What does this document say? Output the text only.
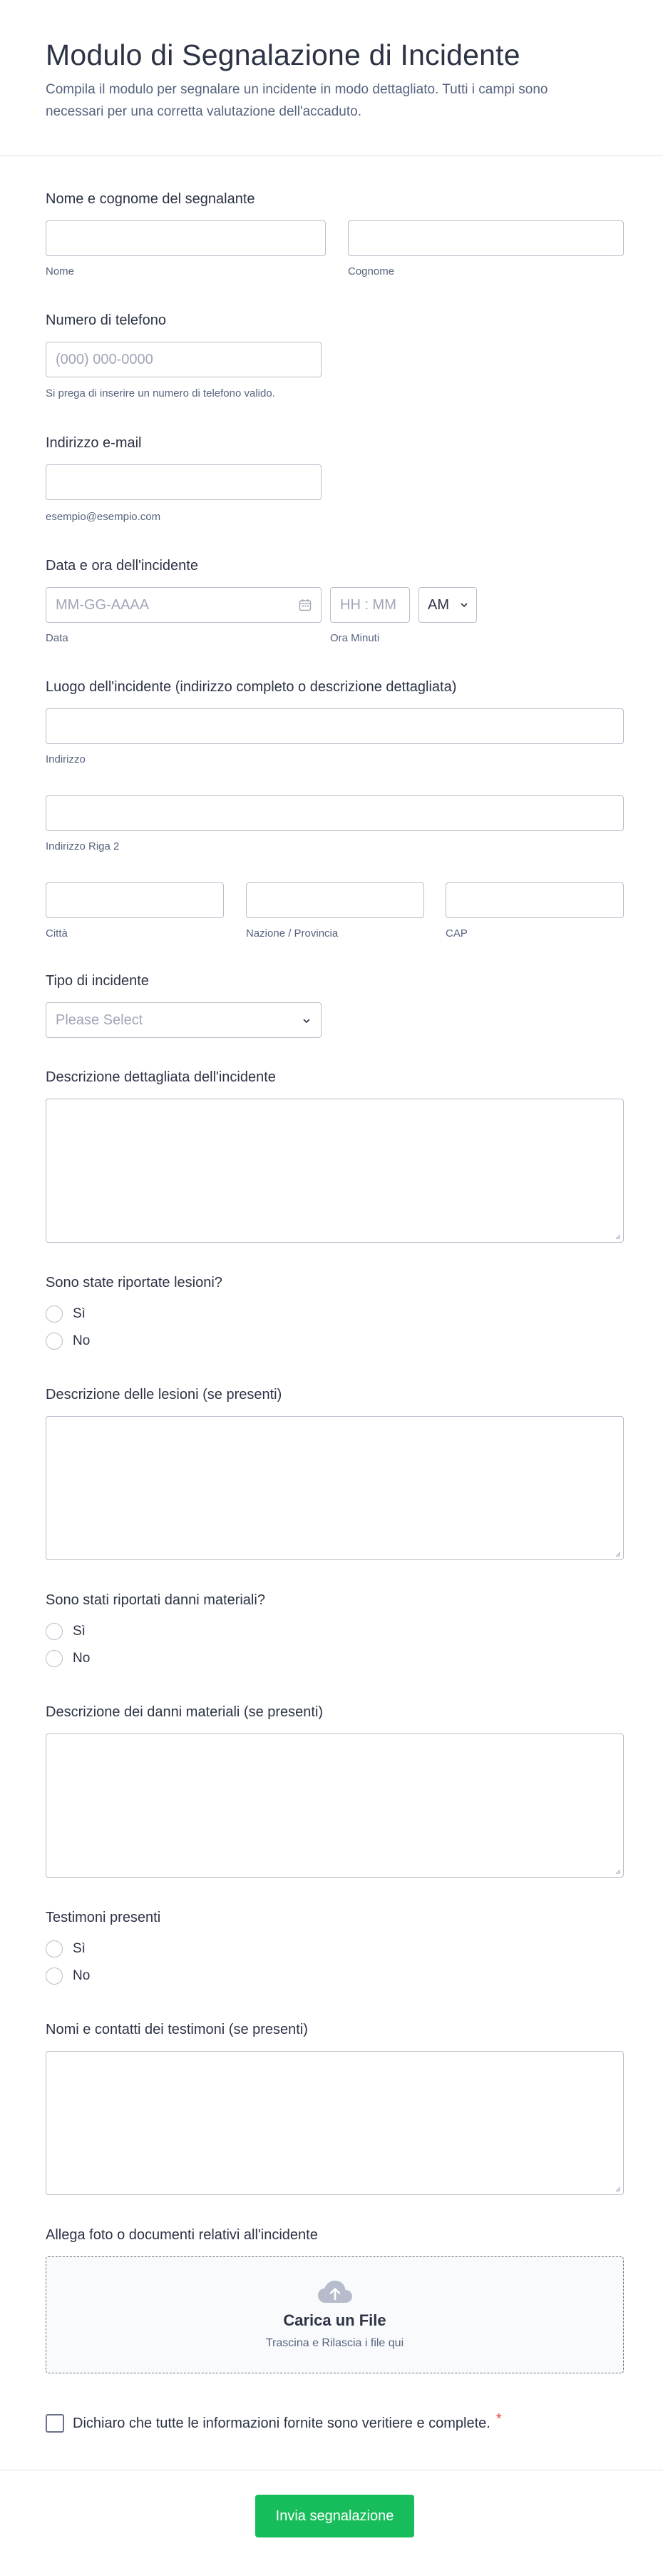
Modulo di Segnalazione di Incidente

Compila il modulo per segnalare un incidente in modo dettagliato. Tutti i campi sono necessari per una corretta valutazione dell'accaduto.

Nome e cognome del segnalante
Nome	Cognome
Numero di telefono
(000) 000-0000
Si prega di inserire un numero di telefono valido.
Indirizzo e-mail
esempio@esempio.com
Data e ora dell'incidente
MM-GG-AAAA
Data
HH : MM	Ora Minuti
AM
Luogo dell'incidente (indirizzo completo o descrizione dettagliata)
Indirizzo
Indirizzo Riga 2
Città	Nazione / Provincia	CAP
Tipo di incidente
Please Select
Descrizione dettagliata dell'incidente
Sono state riportate lesioni?
Sì
No
Descrizione delle lesioni (se presenti)
Sono stati riportati danni materiali?
Sì
No
Descrizione dei danni materiali (se presenti)
Testimoni presenti
Sì
No
Nomi e contatti dei testimoni (se presenti)
Allega foto o documenti relativi all'incidente
Carica un File
Trascina e Rilascia i file qui
Dichiaro che tutte le informazioni fornite sono veritiere e complete. *
Invia segnalazione
